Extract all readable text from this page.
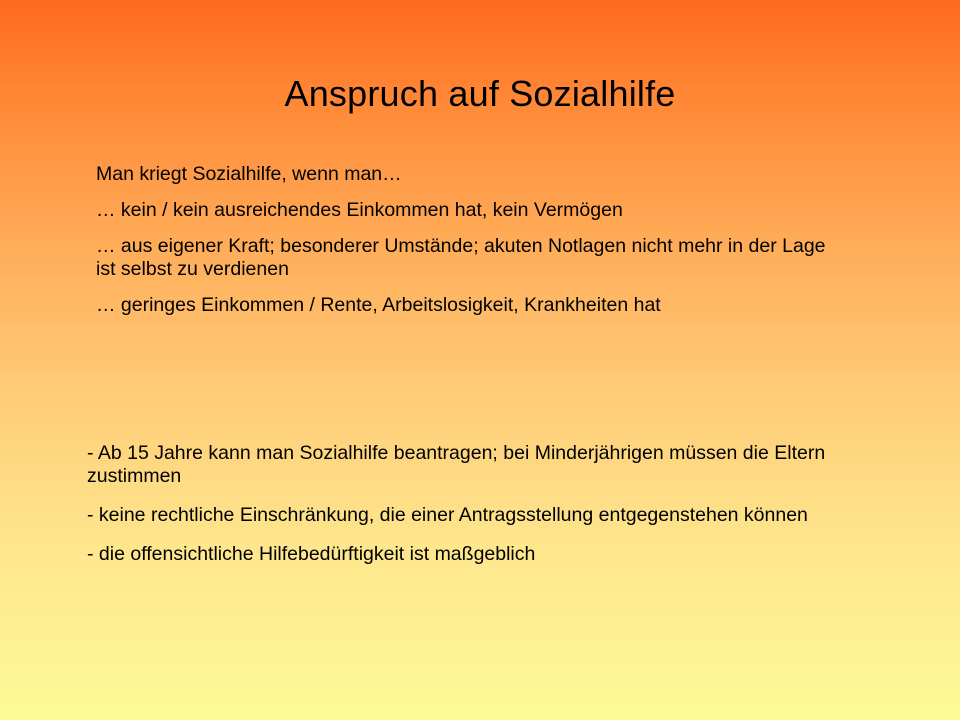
Anspruch auf Sozialhilfe

Man kriegt Sozialhilfe, wenn man…

… kein / kein ausreichendes Einkommen hat, kein Vermögen

… aus eigener Kraft; besonderer Umstände; akuten Notlagen nicht mehr in der Lage ist selbst zu verdienen

… geringes Einkommen / Rente, Arbeitslosigkeit, Krankheiten hat

- Ab 15 Jahre kann man Sozialhilfe beantragen; bei Minderjährigen müssen die Eltern zustimmen

- keine rechtliche Einschränkung, die einer Antragsstellung entgegenstehen können

- die offensichtliche Hilfebedürftigkeit ist maßgeblich
